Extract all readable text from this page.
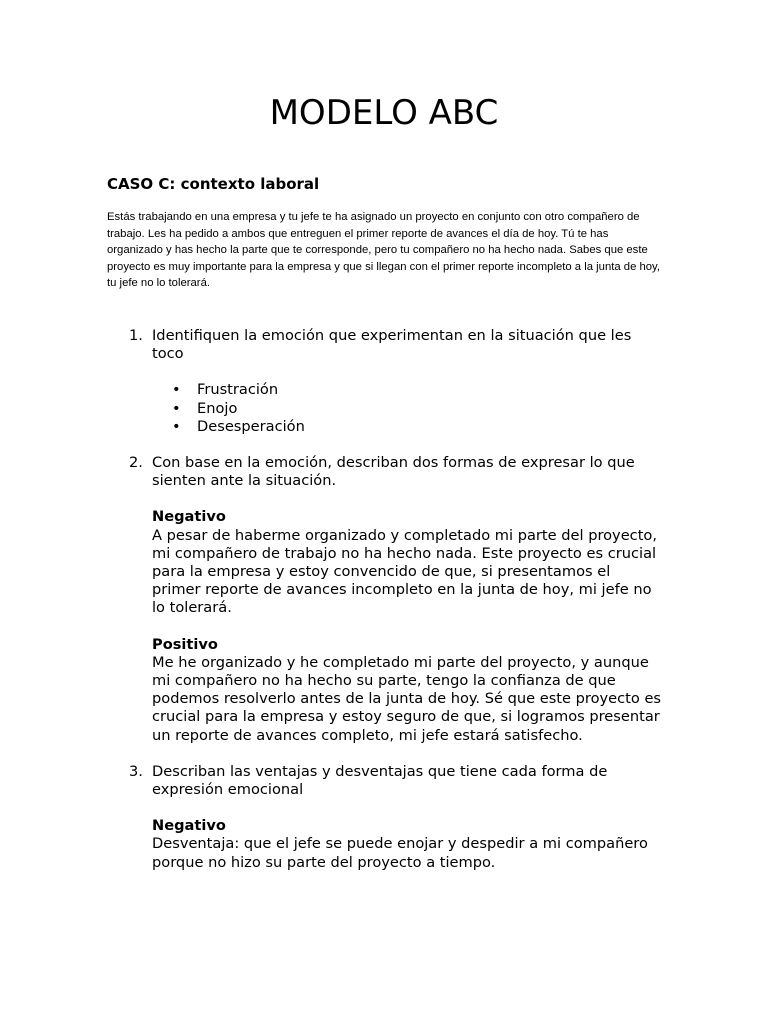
MODELO ABC
CASO C: contexto laboral

Estás trabajando en una empresa y tu jefe te ha asignado un proyecto en conjunto con otro compañero de trabajo. Les ha pedido a ambos que entreguen el primer reporte de avances el día de hoy. Tú te has organizado y has hecho la parte que te corresponde, pero tu compañero no ha hecho nada. Sabes que este proyecto es muy importante para la empresa y que si llegan con el primer reporte incompleto a la junta de hoy, tu jefe no lo tolerará.

1. Identifiquen la emoción que experimentan en la situación que les toco
• Frustración
• Enojo
• Desesperación
2. Con base en la emoción, describan dos formas de expresar lo que sienten ante la situación.
Negativo

A pesar de haberme organizado y completado mi parte del proyecto, mi compañero de trabajo no ha hecho nada. Este proyecto es crucial para la empresa y estoy convencido de que, si presentamos el primer reporte de avances incompleto en la junta de hoy, mi jefe no lo tolerará.

Positivo

Me he organizado y he completado mi parte del proyecto, y aunque mi compañero no ha hecho su parte, tengo la confianza de que podemos resolverlo antes de la junta de hoy. Sé que este proyecto es crucial para la empresa y estoy seguro de que, si logramos presentar un reporte de avances completo, mi jefe estará satisfecho.

3. Describan las ventajas y desventajas que tiene cada forma de expresión emocional
Negativo

Desventaja: que el jefe se puede enojar y despedir a mi compañero porque no hizo su parte del proyecto a tiempo.
